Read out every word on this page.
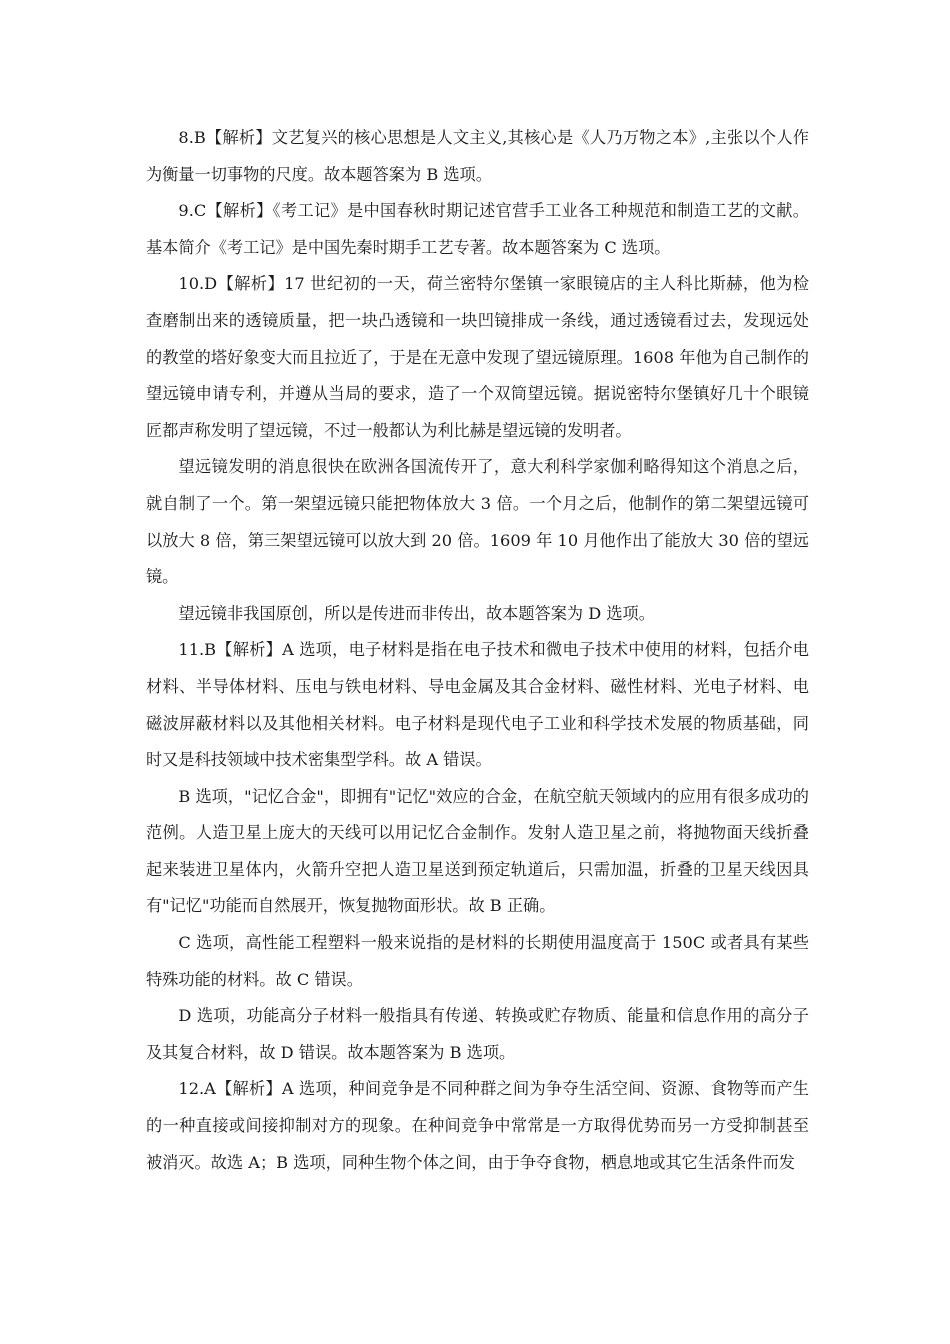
8.B【解析】文艺复兴的核心思想是人文主义,其核心是《人乃万物之本》,主张以个人作为衡量一切事物的尺度。故本题答案为 B 选项。

9.C【解析】《考工记》是中国春秋时期记述官营手工业各工种规范和制造工艺的文献。基本简介《考工记》是中国先秦时期手工艺专著。故本题答案为 C 选项。

10.D【解析】17 世纪初的一天，荷兰密特尔堡镇一家眼镜店的主人科比斯赫，他为检查磨制出来的透镜质量，把一块凸透镜和一块凹镜排成一条线，通过透镜看过去，发现远处的教堂的塔好象变大而且拉近了，于是在无意中发现了望远镜原理。1608 年他为自己制作的望远镜申请专利，并遵从当局的要求，造了一个双筒望远镜。据说密特尔堡镇好几十个眼镜匠都声称发明了望远镜，不过一般都认为利比赫是望远镜的发明者。

望远镜发明的消息很快在欧洲各国流传开了，意大利科学家伽利略得知这个消息之后，就自制了一个。第一架望远镜只能把物体放大 3 倍。一个月之后，他制作的第二架望远镜可以放大 8 倍，第三架望远镜可以放大到 20 倍。1609 年 10 月他作出了能放大 30 倍的望远镜。

望远镜非我国原创，所以是传进而非传出，故本题答案为 D 选项。

11.B【解析】A 选项，电子材料是指在电子技术和微电子技术中使用的材料，包括介电材料、半导体材料、压电与铁电材料、导电金属及其合金材料、磁性材料、光电子材料、电磁波屏蔽材料以及其他相关材料。电子材料是现代电子工业和科学技术发展的物质基础，同时又是科技领域中技术密集型学科。故 A 错误。

B 选项，"记忆合金"，即拥有"记忆"效应的合金，在航空航天领域内的应用有很多成功的范例。人造卫星上庞大的天线可以用记忆合金制作。发射人造卫星之前，将抛物面天线折叠起来装进卫星体内，火箭升空把人造卫星送到预定轨道后，只需加温，折叠的卫星天线因具有"记忆"功能而自然展开，恢复抛物面形状。故 B 正确。

C 选项，高性能工程塑料一般来说指的是材料的长期使用温度高于 150C 或者具有某些特殊功能的材料。故 C 错误。

D 选项，功能高分子材料一般指具有传递、转换或贮存物质、能量和信息作用的高分子及其复合材料，故 D 错误。故本题答案为 B 选项。

12.A【解析】A 选项，种间竞争是不同种群之间为争夺生活空间、资源、食物等而产生的一种直接或间接抑制对方的现象。在种间竞争中常常是一方取得优势而另一方受抑制甚至被消灭。故选 A；B 选项，同种生物个体之间，由于争夺食物，栖息地或其它生活条件而发
